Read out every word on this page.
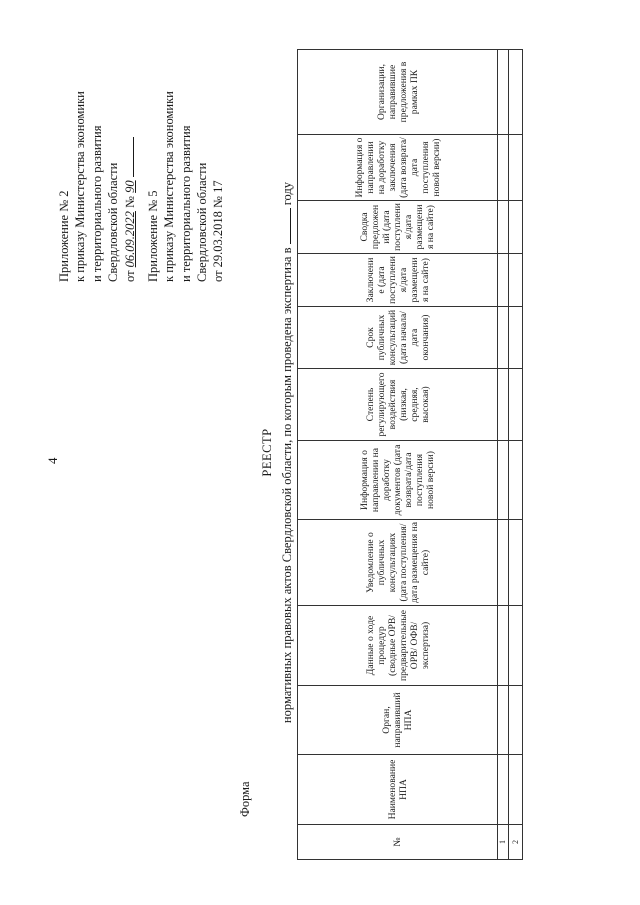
4
Приложение № 2 к приказу Министерства экономики и территориального развития Свердловской области от 06.09.2022 № 90
Приложение № 5 к приказу Министерства экономики и территориального развития Свердловской области от 29.03.2018 № 17
Форма
РЕЕСТР нормативных правовых актов Свердловской области, по которым проведена экспертиза в  году
№	Наименование НПА	Орган, направивший НПА	Данные о ходе процедур (сводные ОРВ/предварительные ОРВ/ ОФВ/экспертиза)	Уведомление о публичных консультациях (дата поступления/дата размещения на сайте)	Информация о направлении на доработку документов (дата возврата/дата поступления новой версии)	Степень регулирующего воздействия (низкая, средняя, высокая)	Срок публичных консультаций (дата начала/дата окончания)	Заключение (дата поступления/дата размещения на сайте)	Сводка предложений (дата поступления/дата размещения на сайте)	Информация о направлении на доработку заключения (дата возврата/дата поступления новой версии)	Организации, направившие предложения в рамках ПК
1											
2											
